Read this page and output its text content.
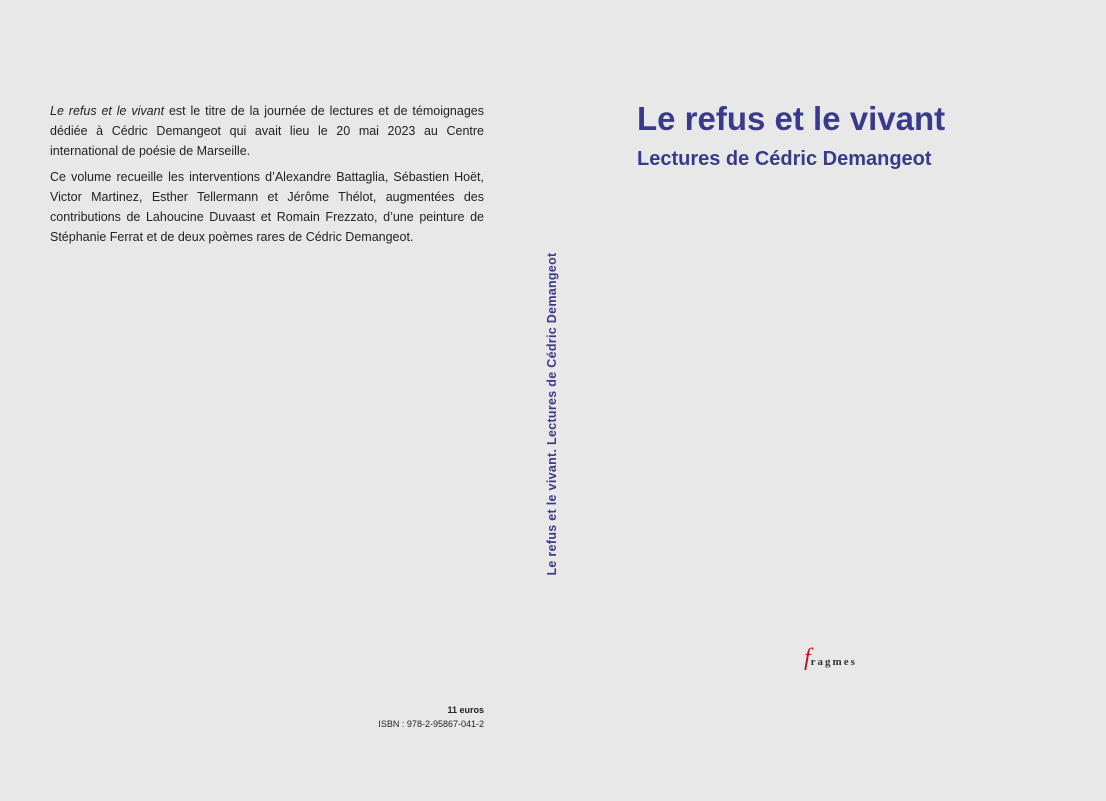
Le refus et le vivant est le titre de la journée de lectures et de témoignages dédiée à Cédric Demangeot qui avait lieu le 20 mai 2023 au Centre international de poésie de Marseille.

Ce volume recueille les interventions d’Alexandre Battaglia, Sébastien Hoët, Victor Martinez, Esther Tellermann et Jérôme Thélot, augmentées des contributions de Lahoucine Duvaast et Romain Frezzato, d’une peinture de Stéphanie Ferrat et de deux poèmes rares de Cédric Demangeot.

11 euros
ISBN : 978-2-95867-041-2
Le refus et le vivant. Lectures de Cédric Demangeot
Le refus et le vivant
Lectures de Cédric Demangeot
fragmes
